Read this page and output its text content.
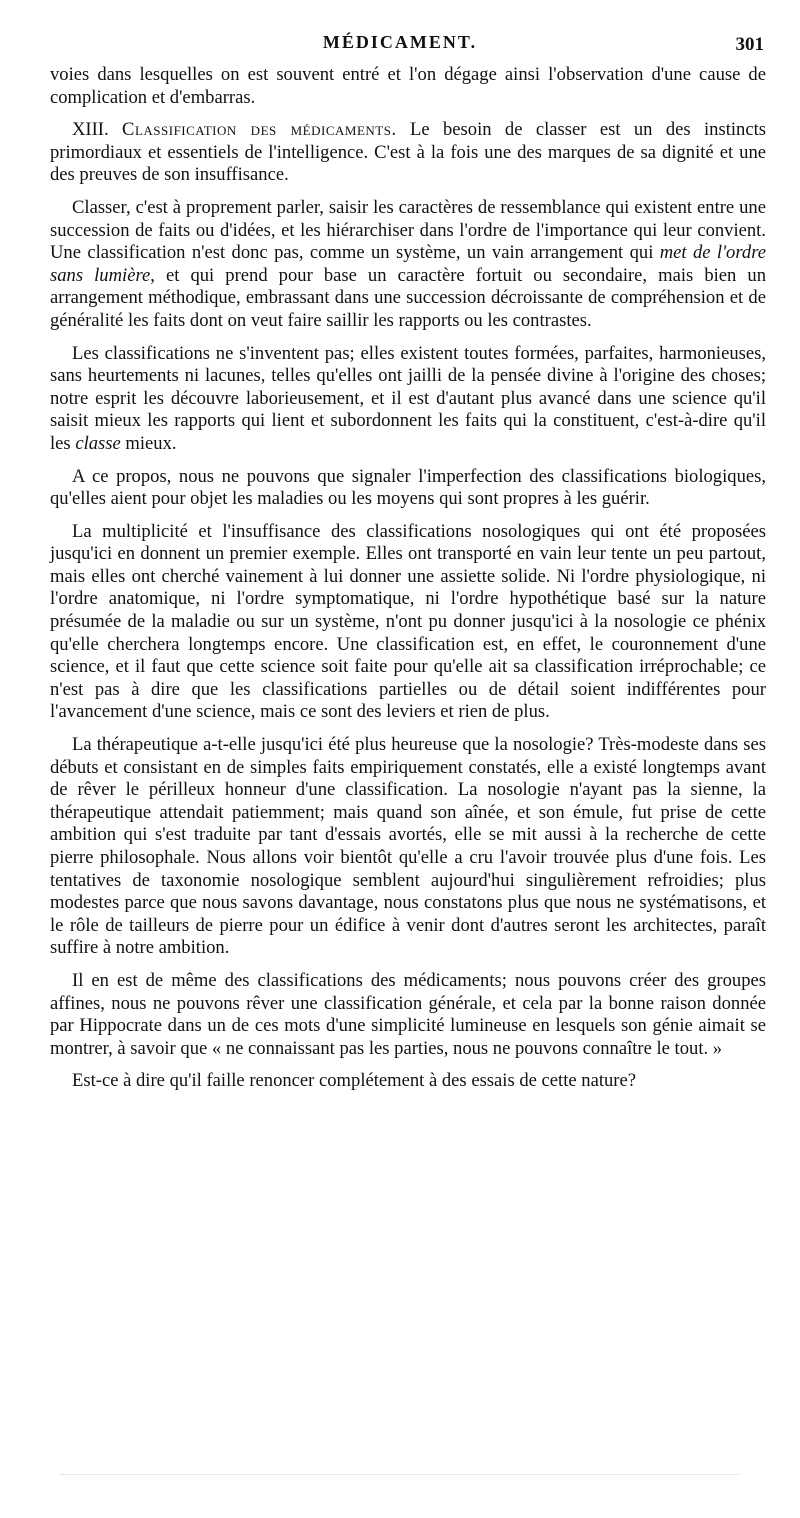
MÉDICAMENT.	301

voies dans lesquelles on est souvent entré et l'on dégage ainsi l'observation d'une cause de complication et d'embarras.

XIII. Classification des médicaments. Le besoin de classer est un des instincts primordiaux et essentiels de l'intelligence. C'est à la fois une des marques de sa dignité et une des preuves de son insuffisance.

Classer, c'est à proprement parler, saisir les caractères de ressemblance qui existent entre une succession de faits ou d'idées, et les hiérarchiser dans l'ordre de l'importance qui leur convient. Une classification n'est donc pas, comme un système, un vain arrangement qui met de l'ordre sans lumière, et qui prend pour base un caractère fortuit ou secondaire, mais bien un arrangement méthodique, embrassant dans une succession décroissante de compréhension et de généralité les faits dont on veut faire saillir les rapports ou les contrastes.

Les classifications ne s'inventent pas; elles existent toutes formées, parfaites, harmonieuses, sans heurtements ni lacunes, telles qu'elles ont jailli de la pensée divine à l'origine des choses; notre esprit les découvre laborieusement, et il est d'autant plus avancé dans une science qu'il saisit mieux les rapports qui lient et subordonnent les faits qui la constituent, c'est-à-dire qu'il les classe mieux.

A ce propos, nous ne pouvons que signaler l'imperfection des classifications biologiques, qu'elles aient pour objet les maladies ou les moyens qui sont propres à les guérir.

La multiplicité et l'insuffisance des classifications nosologiques qui ont été proposées jusqu'ici en donnent un premier exemple. Elles ont transporté en vain leur tente un peu partout, mais elles ont cherché vainement à lui donner une assiette solide. Ni l'ordre physiologique, ni l'ordre anatomique, ni l'ordre symptomatique, ni l'ordre hypothétique basé sur la nature présumée de la maladie ou sur un système, n'ont pu donner jusqu'ici à la nosologie ce phénix qu'elle cherchera longtemps encore. Une classification est, en effet, le couronnement d'une science, et il faut que cette science soit faite pour qu'elle ait sa classification irréprochable; ce n'est pas à dire que les classifications partielles ou de détail soient indifférentes pour l'avancement d'une science, mais ce sont des leviers et rien de plus.

La thérapeutique a-t-elle jusqu'ici été plus heureuse que la nosologie? Très-modeste dans ses débuts et consistant en de simples faits empiriquement constatés, elle a existé longtemps avant de rêver le périlleux honneur d'une classification. La nosologie n'ayant pas la sienne, la thérapeutique attendait patiemment; mais quand son aînée, et son émule, fut prise de cette ambition qui s'est traduite par tant d'essais avortés, elle se mit aussi à la recherche de cette pierre philosophale. Nous allons voir bientôt qu'elle a cru l'avoir trouvée plus d'une fois. Les tentatives de taxonomie nosologique semblent aujourd'hui singulièrement refroidies; plus modestes parce que nous savons davantage, nous constatons plus que nous ne systématisons, et le rôle de tailleurs de pierre pour un édifice à venir dont d'autres seront les architectes, paraît suffire à notre ambition.

Il en est de même des classifications des médicaments; nous pouvons créer des groupes affines, nous ne pouvons rêver une classification générale, et cela par la bonne raison donnée par Hippocrate dans un de ces mots d'une simplicité lumineuse en lesquels son génie aimait se montrer, à savoir que « ne connaissant pas les parties, nous ne pouvons connaître le tout. »

Est-ce à dire qu'il faille renoncer complétement à des essais de cette nature?
